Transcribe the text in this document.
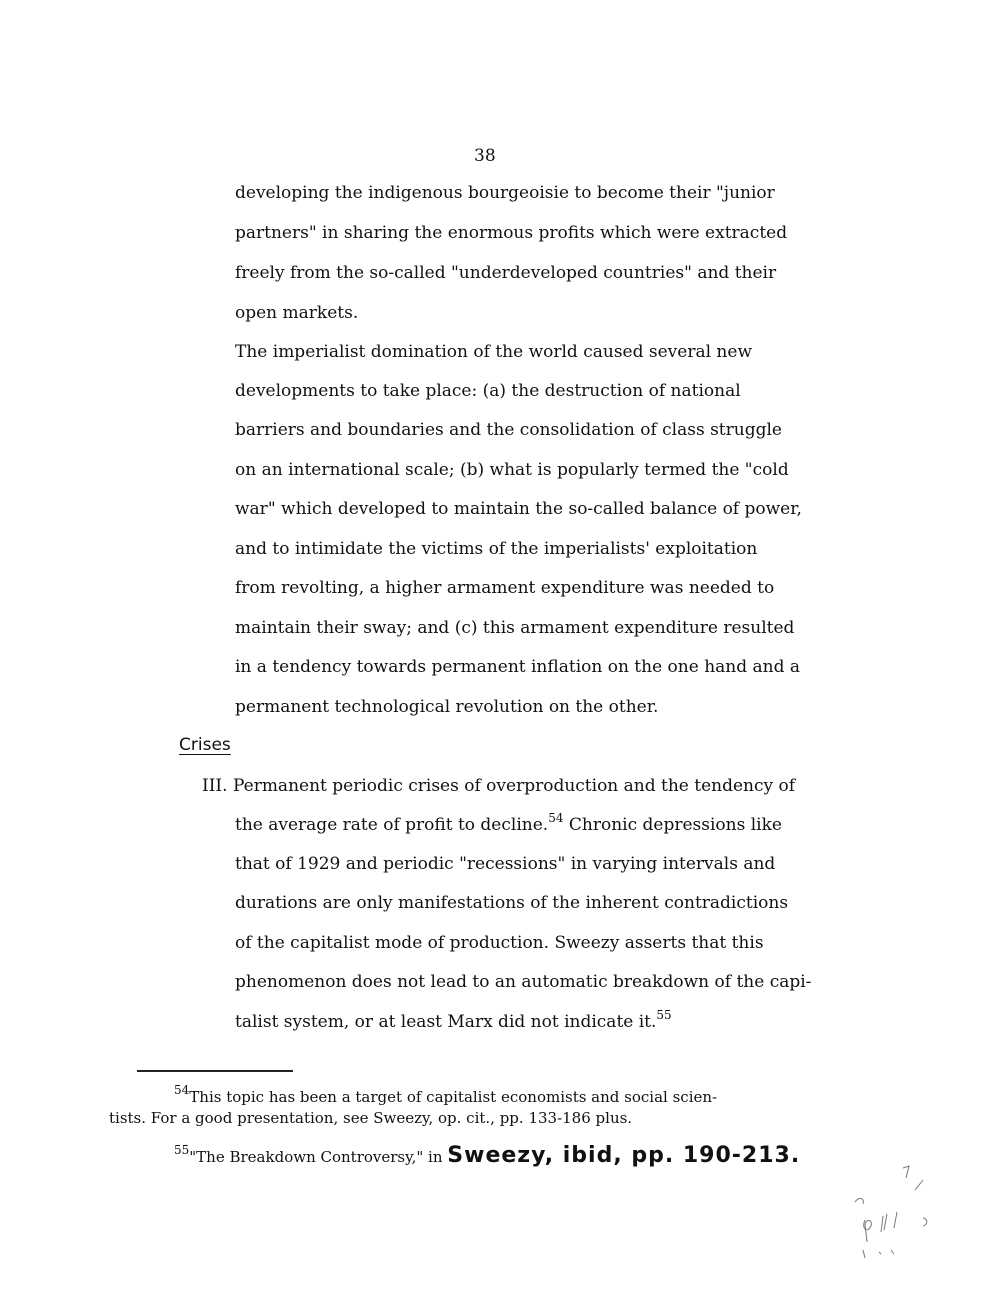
38
developing the indigenous bourgeoisie to become their "junior
partners" in sharing the enormous profits which were extracted
freely from the so-called "underdeveloped countries" and their
open markets.
The imperialist domination of the world caused several new
developments to take place: (a) the destruction of national
barriers and boundaries and the consolidation of class struggle
on an international scale; (b) what is popularly termed the "cold
war" which developed to maintain the so-called balance of power,
and to intimidate the victims of the imperialists' exploitation
from revolting, a higher armament expenditure was needed to
maintain their sway; and (c) this armament expenditure resulted
in a tendency towards permanent inflation on the one hand and a
permanent technological revolution on the other.
Crises
III. Permanent periodic crises of overproduction and the tendency of
the average rate of profit to decline.$^{54}$ Chronic depressions like
that of 1929 and periodic "recessions" in varying intervals and
durations are only manifestations of the inherent contradictions
of the capitalist mode of production. Sweezy asserts that this
phenomenon does not lead to an automatic breakdown of the capi-
talist system, or at least Marx did not indicate it.$^{55}$
$^{54}$This topic has been a target of capitalist economists and social scien-
tists. For a good presentation, see Sweezy, op. cit., pp. 133-186 plus.
$^{55}$"The Breakdown Controversy," in Sweezy, ibid, pp. 190-213.
